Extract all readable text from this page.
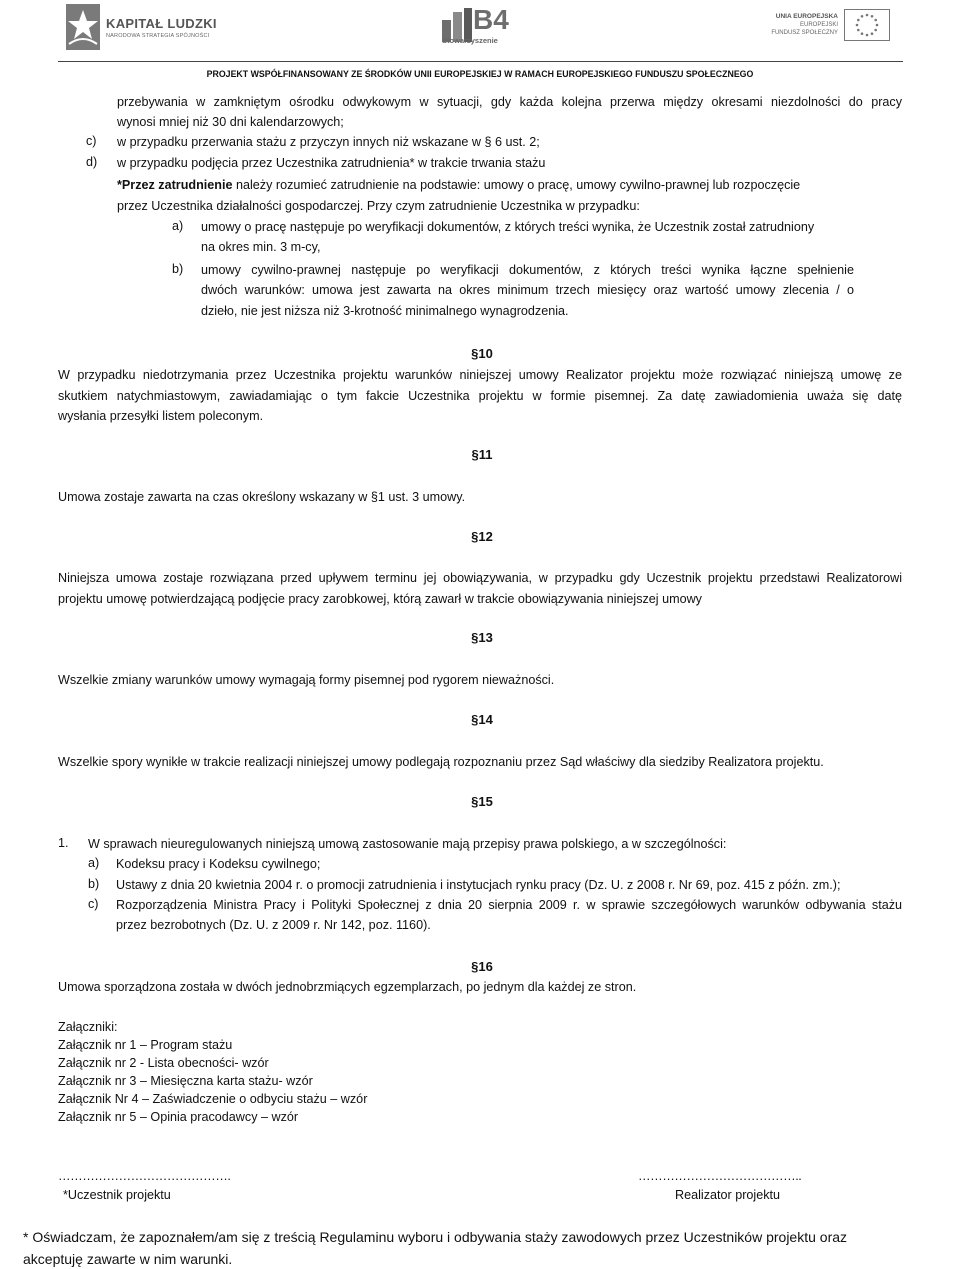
KAPITAŁ LUDZKI
NARODOWA STRATEGIA SPÓJNOŚCI
B4
Stowarzyszenie
UNIA EUROPEJSKA
EUROPEJSKI
FUNDUSZ SPOŁECZNY
PROJEKT WSPÓŁFINANSOWANY ZE ŚRODKÓW UNII EUROPEJSKIEJ W RAMACH EUROPEJSKIEGO FUNDUSZU SPOŁECZNEGO
przebywania w zamkniętym ośrodku odwykowym w sytuacji, gdy każda kolejna przerwa między okresami niezdolności do pracy
wynosi mniej niż 30 dni kalendarzowych;
c) w przypadku przerwania stażu z przyczyn innych niż wskazane w § 6 ust. 2;
d) w przypadku podjęcia przez Uczestnika zatrudnienia* w trakcie trwania stażu
*Przez zatrudnienie należy rozumieć zatrudnienie na podstawie: umowy o pracę, umowy cywilno-prawnej lub rozpoczęcie
przez Uczestnika działalności gospodarczej. Przy czym zatrudnienie Uczestnika w przypadku:
a) umowy o pracę następuje po weryfikacji dokumentów, z których treści wynika, że Uczestnik został zatrudniony
na okres min. 3 m-cy,
b) umowy cywilno-prawnej następuje po weryfikacji dokumentów, z których treści wynika łączne spełnienie
dwóch warunków: umowa jest zawarta na okres minimum trzech miesięcy oraz wartość umowy zlecenia / o
dzieło, nie jest niższa niż 3-krotność minimalnego wynagrodzenia.
§10
W przypadku niedotrzymania przez Uczestnika projektu warunków niniejszej umowy Realizator projektu może rozwiązać niniejszą umowę ze
skutkiem natychmiastowym, zawiadamiając o tym fakcie Uczestnika projektu w formie pisemnej. Za datę zawiadomienia uważa się datę
wysłania przesyłki listem poleconym.
§11
Umowa zostaje zawarta na czas określony wskazany w §1 ust. 3 umowy.
§12
Niniejsza umowa zostaje rozwiązana przed upływem terminu jej obowiązywania, w przypadku gdy Uczestnik projektu przedstawi Realizatorowi
projektu umowę potwierdzającą podjęcie pracy zarobkowej, którą zawarł w trakcie obowiązywania niniejszej umowy
§13
Wszelkie zmiany warunków umowy wymagają formy pisemnej pod rygorem nieważności.
§14
Wszelkie spory wynikłe w trakcie realizacji niniejszej umowy podlegają rozpoznaniu przez Sąd właściwy dla siedziby Realizatora projektu.
§15
1. W sprawach nieuregulowanych niniejszą umową zastosowanie mają przepisy prawa polskiego, a w szczególności:
a) Kodeksu pracy i Kodeksu cywilnego;
b) Ustawy z dnia 20 kwietnia 2004 r. o promocji zatrudnienia i instytucjach rynku pracy (Dz. U. z 2008 r. Nr 69, poz. 415 z późn. zm.);
c) Rozporządzenia Ministra Pracy i Polityki Społecznej z dnia 20 sierpnia 2009 r. w sprawie szczegółowych warunków odbywania stażu
przez bezrobotnych (Dz. U. z 2009 r. Nr 142, poz. 1160).
§16
Umowa sporządzona została w dwóch jednobrzmiących egzemplarzach, po jednym dla każdej ze stron.
Załączniki:
Załącznik nr 1 – Program stażu
Załącznik nr 2 - Lista obecności- wzór
Załącznik nr 3 – Miesięczna karta stażu- wzór
Załącznik Nr 4 – Zaświadczenie o odbyciu stażu – wzór
Załącznik nr 5 – Opinia pracodawcy – wzór
…………………………………….
*Uczestnik projektu
…………………………………..
Realizator projektu
* Oświadczam, że zapoznałem/am się z treścią Regulaminu wyboru i odbywania staży zawodowych przez Uczestników projektu oraz
akceptuję zawarte w nim warunki.
